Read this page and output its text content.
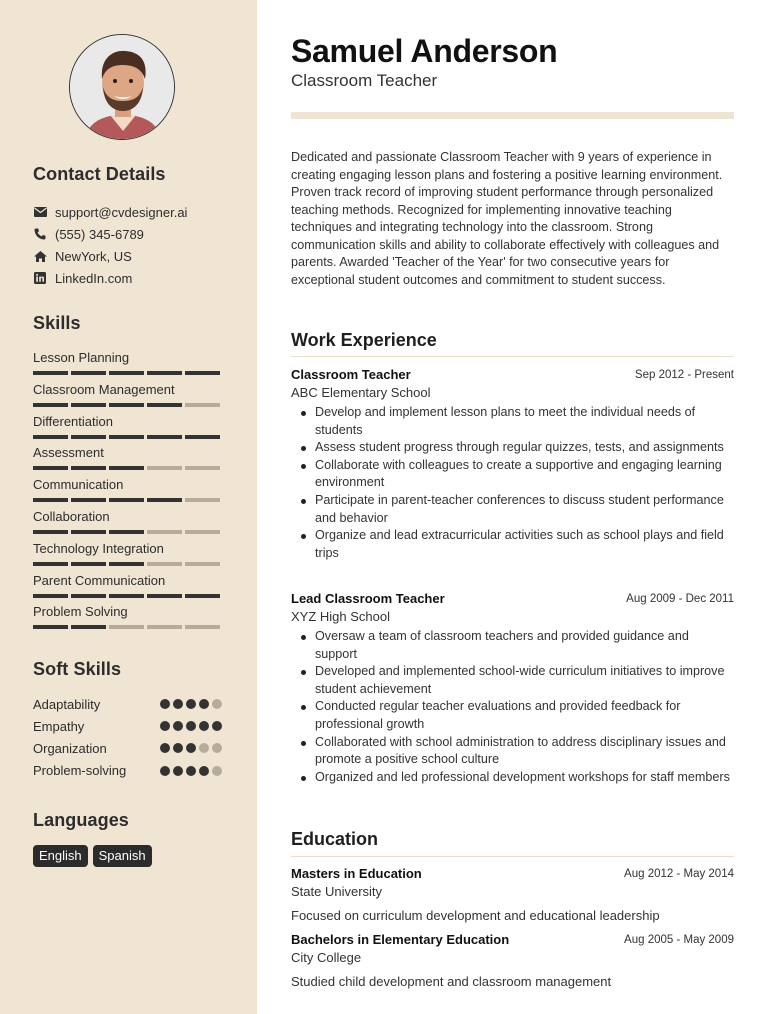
Contact Details
support@cvdesigner.ai
(555) 345-6789
NewYork, US
LinkedIn.com
Skills
Lesson Planning
Classroom Management
Differentiation
Assessment
Communication
Collaboration
Technology Integration
Parent Communication
Problem Solving
Soft Skills
Adaptability
Empathy
Organization
Problem-solving
Languages
English	Spanish
Samuel Anderson
Classroom Teacher
Dedicated and passionate Classroom Teacher with 9 years of experience in creating engaging lesson plans and fostering a positive learning environment. Proven track record of improving student performance through personalized teaching methods. Recognized for implementing innovative teaching techniques and integrating technology into the classroom. Strong communication skills and ability to collaborate effectively with colleagues and parents. Awarded 'Teacher of the Year' for two consecutive years for exceptional student outcomes and commitment to student success.
Work Experience
Classroom Teacher	Sep 2012 - Present
ABC Elementary School
Develop and implement lesson plans to meet the individual needs of students
Assess student progress through regular quizzes, tests, and assignments
Collaborate with colleagues to create a supportive and engaging learning environment
Participate in parent-teacher conferences to discuss student performance and behavior
Organize and lead extracurricular activities such as school plays and field trips
Lead Classroom Teacher	Aug 2009 - Dec 2011
XYZ High School
Oversaw a team of classroom teachers and provided guidance and support
Developed and implemented school-wide curriculum initiatives to improve student achievement
Conducted regular teacher evaluations and provided feedback for professional growth
Collaborated with school administration to address disciplinary issues and promote a positive school culture
Organized and led professional development workshops for staff members
Education
Masters in Education	Aug 2012 - May 2014
State University
Focused on curriculum development and educational leadership
Bachelors in Elementary Education	Aug 2005 - May 2009
City College
Studied child development and classroom management
